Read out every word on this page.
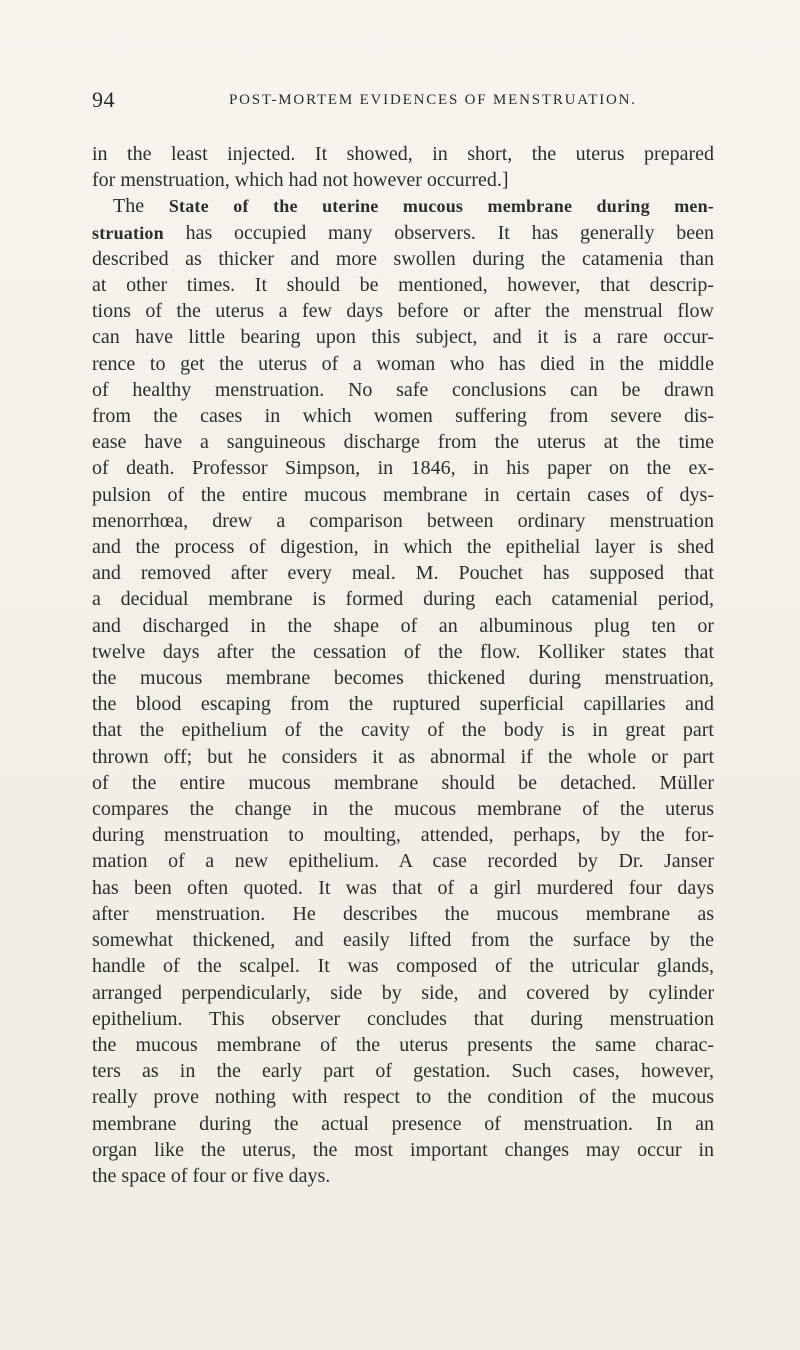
94	POST-MORTEM EVIDENCES OF MENSTRUATION.
in the least injected. It showed, in short, the uterus prepared
for menstruation, which had not however occurred.]
The State of the uterine mucous membrane during men-
struation has occupied many observers. It has generally been
described as thicker and more swollen during the catamenia than
at other times. It should be mentioned, however, that descrip-
tions of the uterus a few days before or after the menstrual flow
can have little bearing upon this subject, and it is a rare occur-
rence to get the uterus of a woman who has died in the middle
of healthy menstruation. No safe conclusions can be drawn
from the cases in which women suffering from severe dis-
ease have a sanguineous discharge from the uterus at the time
of death. Professor Simpson, in 1846, in his paper on the ex-
pulsion of the entire mucous membrane in certain cases of dys-
menorrhœa, drew a comparison between ordinary menstruation
and the process of digestion, in which the epithelial layer is shed
and removed after every meal. M. Pouchet has supposed that
a decidual membrane is formed during each catamenial period,
and discharged in the shape of an albuminous plug ten or
twelve days after the cessation of the flow. Kolliker states that
the mucous membrane becomes thickened during menstruation,
the blood escaping from the ruptured superficial capillaries and
that the epithelium of the cavity of the body is in great part
thrown off; but he considers it as abnormal if the whole or part
of the entire mucous membrane should be detached. Müller
compares the change in the mucous membrane of the uterus
during menstruation to moulting, attended, perhaps, by the for-
mation of a new epithelium. A case recorded by Dr. Janser
has been often quoted. It was that of a girl murdered four days
after menstruation. He describes the mucous membrane as
somewhat thickened, and easily lifted from the surface by the
handle of the scalpel. It was composed of the utricular glands,
arranged perpendicularly, side by side, and covered by cylinder
epithelium. This observer concludes that during menstruation
the mucous membrane of the uterus presents the same charac-
ters as in the early part of gestation. Such cases, however,
really prove nothing with respect to the condition of the mucous
membrane during the actual presence of menstruation. In an
organ like the uterus, the most important changes may occur in
the space of four or five days.
